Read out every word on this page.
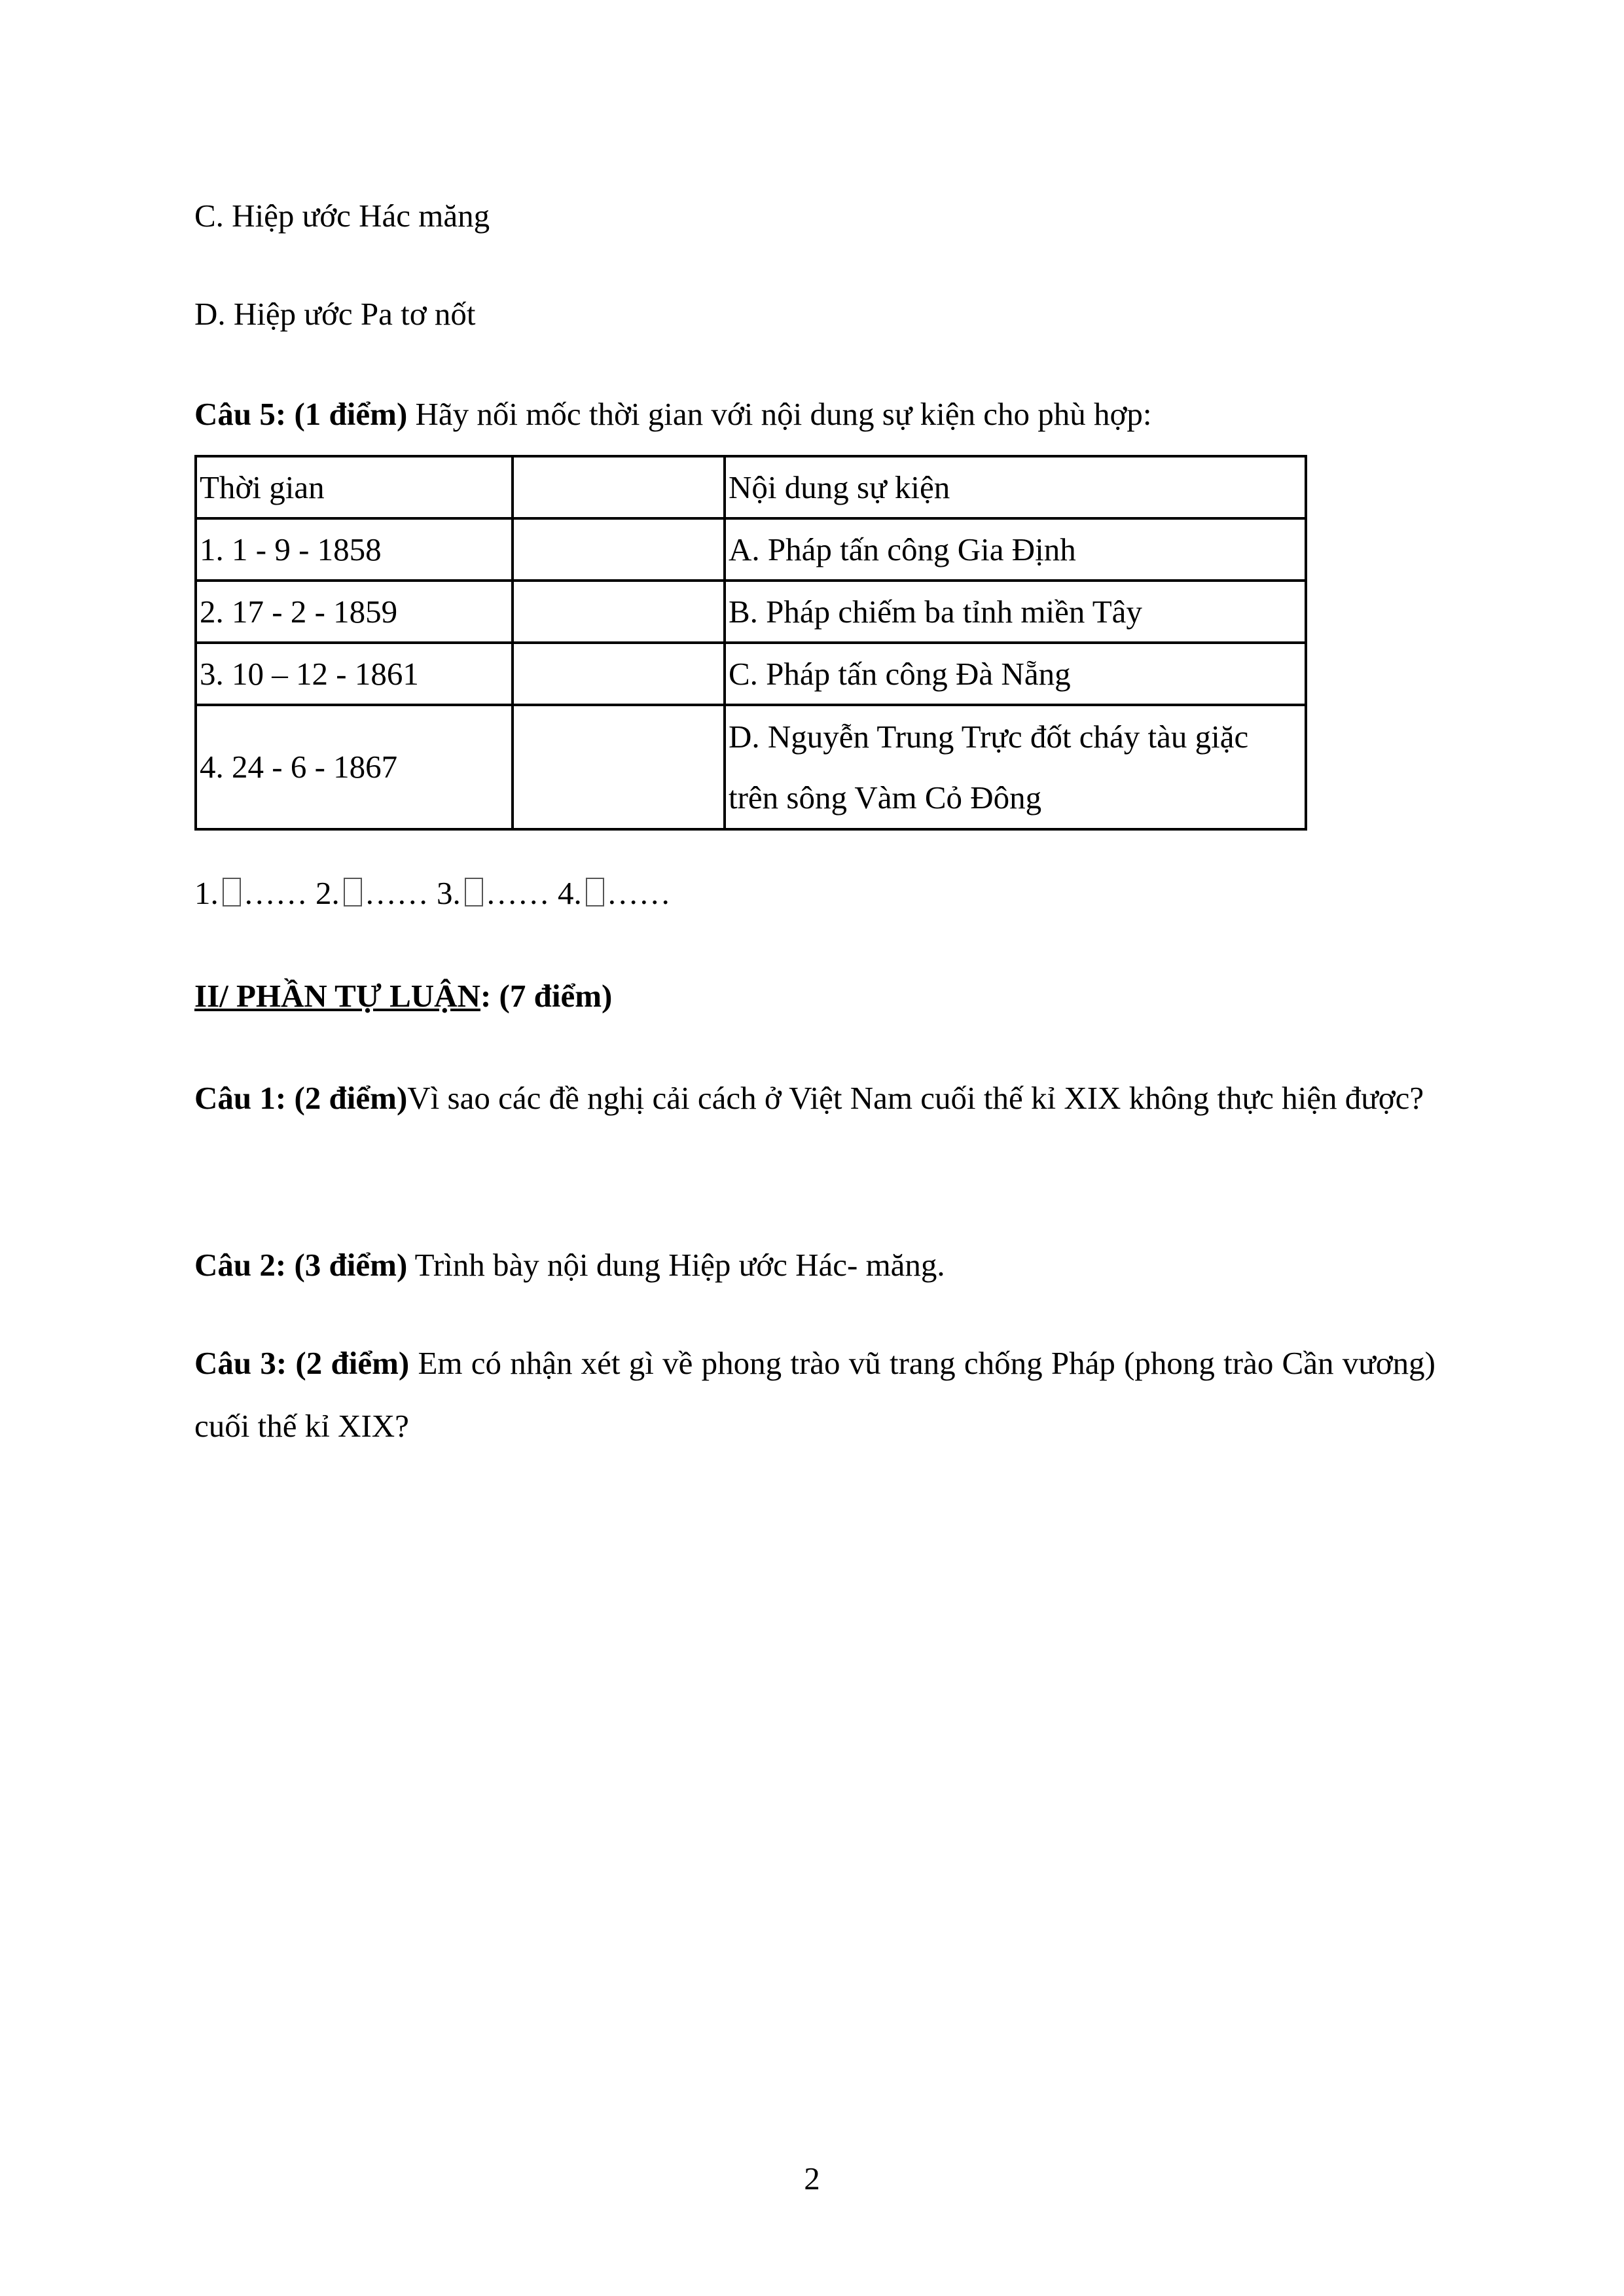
C. Hiệp ước Hác măng
D. Hiệp ước Pa tơ nốt
Câu 5: (1 điểm) Hãy nối mốc thời gian với nội dung sự kiện cho phù hợp:
Thời gian		Nội dung sự kiện
1. 1 - 9 - 1858		A. Pháp tấn công Gia Định
2. 17 - 2 - 1859		B. Pháp chiếm ba tỉnh miền Tây
3. 10 – 12 - 1861		C. Pháp tấn công Đà Nẵng
4. 24 - 6 - 1867		D. Nguyễn Trung Trực đốt cháy tàu giặc trên sông Vàm Cỏ Đông
1. …… 2. …… 3. …… 4. ……
II/ PHẦN TỰ LUẬN: (7 điểm)
Câu 1: (2 điểm)Vì sao các đề nghị cải cách ở Việt Nam cuối thế kỉ XIX không thực hiện được?
Câu 2: (3 điểm) Trình bày nội dung Hiệp ước Hác- măng.
Câu 3: (2 điểm) Em có nhận xét gì về phong trào vũ trang chống Pháp (phong trào Cần vương) cuối thế kỉ XIX?
2
